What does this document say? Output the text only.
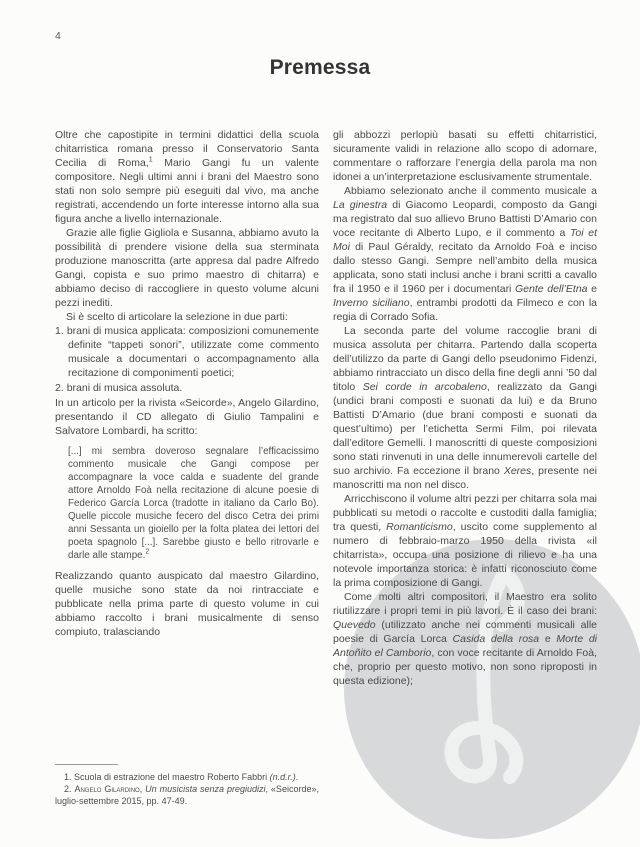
4
Premessa

Oltre che capostipite in termini didattici della scuola chitarristica romana presso il Conservatorio Santa Cecilia di Roma,$^1$ Mario Gangi fu un valente compositore. Negli ultimi anni i brani del Maestro sono stati non solo sempre più eseguiti dal vivo, ma anche registrati, accendendo un forte interesse intorno alla sua figura anche a livello internazionale.

Grazie alle figlie Gigliola e Susanna, abbiamo avuto la possibilità di prendere visione della sua sterminata produzione manoscritta (arte appresa dal padre Alfredo Gangi, copista e suo primo maestro di chitarra) e abbiamo deciso di raccogliere in questo volume alcuni pezzi inediti.

Si è scelto di articolare la selezione in due parti:

1. brani di musica applicata: composizioni comunemente definite “tappeti sonori”, utilizzate come commento musicale a documentari o accompagnamento alla recitazione di componimenti poetici;

2. brani di musica assoluta.

In un articolo per la rivista «Seicorde», Angelo Gilardino, presentando il CD allegato di Giulio Tampalini e Salvatore Lombardi, ha scritto:

[...] mi sembra doveroso segnalare l’efficacissimo commento musicale che Gangi compose per accompagnare la voce calda e suadente del grande attore Arnoldo Foà nella recitazione di alcune poesie di Federico García Lorca (tradotte in italiano da Carlo Bo). Quelle piccole musiche fecero del disco Cetra dei primi anni Sessanta un gioiello per la folta platea dei lettori del poeta spagnolo [...]. Sarebbe giusto e bello ritrovarle e darle alle stampe.$^2$

Realizzando quanto auspicato dal maestro Gilardino, quelle musiche sono state da noi rintracciate e pubblicate nella prima parte di questo volume in cui abbiamo raccolto i brani musicalmente di senso compiuto, tralasciando

1. Scuola di estrazione del maestro Roberto Fabbri (n.d.r.).

2. Angelo Gilardino, Un musicista senza pregiudizi, «Seicorde», luglio-settembre 2015, pp. 47-49.

gli abbozzi perlopiù basati su effetti chitarristici, sicuramente validi in relazione allo scopo di adornare, commentare o rafforzare l’energia della parola ma non idonei a un’interpretazione esclusivamente strumentale.

Abbiamo selezionato anche il commento musicale a La ginestra di Giacomo Leopardi, composto da Gangi ma registrato dal suo allievo Bruno Battisti D’Amario con voce recitante di Alberto Lupo, e il commento a Toi et Moi di Paul Géraldy, recitato da Arnoldo Foà e inciso dallo stesso Gangi. Sempre nell’ambito della musica applicata, sono stati inclusi anche i brani scritti a cavallo fra il 1950 e il 1960 per i documentari Gente dell’Etna e Inverno siciliano, entrambi prodotti da Filmeco e con la regia di Corrado Sofia.

La seconda parte del volume raccoglie brani di musica assoluta per chitarra. Partendo dalla scoperta dell’utilizzo da parte di Gangi dello pseudonimo Fidenzi, abbiamo rintracciato un disco della fine degli anni ’50 dal titolo Sei corde in arcobaleno, realizzato da Gangi (undici brani composti e suonati da lui) e da Bruno Battisti D’Amario (due brani composti e suonati da quest’ultimo) per l’etichetta Sermi Film, poi rilevata dall’editore Gemelli. I manoscritti di queste composizioni sono stati rinvenuti in una delle innumerevoli cartelle del suo archivio. Fa eccezione il brano Xeres, presente nei manoscritti ma non nel disco.

Arricchiscono il volume altri pezzi per chitarra sola mai pubblicati su metodi o raccolte e custoditi dalla famiglia; tra questi, Romanticismo, uscito come supplemento al numero di febbraio-marzo 1950 della rivista «il chitarrista», occupa una posizione di rilievo e ha una notevole importanza storica: è infatti riconosciuto come la prima composizione di Gangi.

Come molti altri compositori, il Maestro era solito riutilizzare i propri temi in più lavori. È il caso dei brani: Quevedo (utilizzato anche nei commenti musicali alle poesie di García Lorca Casida della rosa e Morte di Antoñito el Camborio, con voce recitante di Arnoldo Foà, che, proprio per questo motivo, non sono riproposti in questa edizione);
